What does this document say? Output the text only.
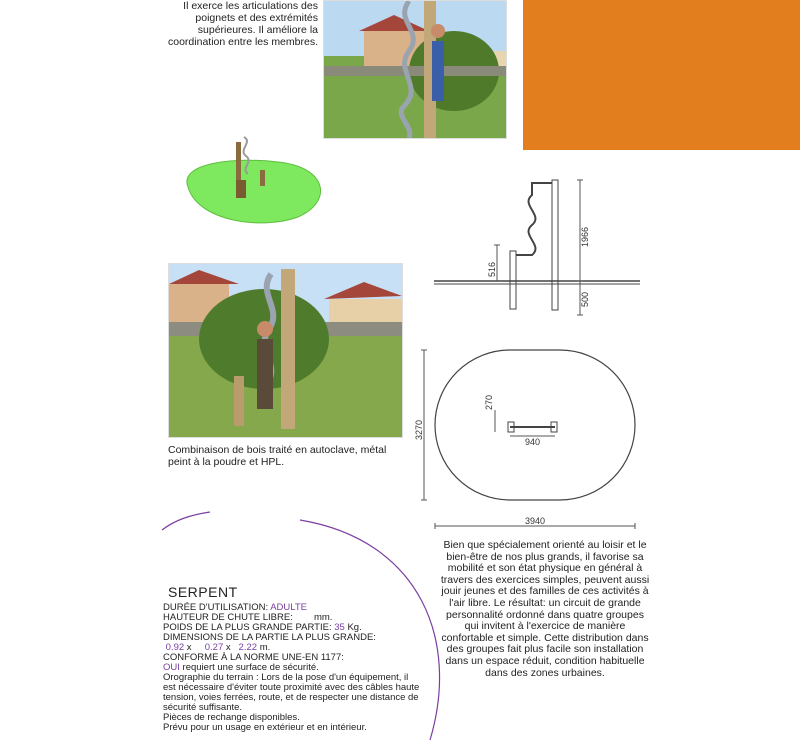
Il exerce les articulations des poignets et des extrémités supérieures. Il améliore la coordination entre les membres.
1966
500
516
Combinaison de bois traité en autoclave, métal peint à la poudre et HPL.
3270
3940
940
270
Bien que spécialement orienté au loisir et le bien-être de nos plus grands, il favorise sa mobilité et son état physique en général à travers des exercices simples, peuvent aussi jouir jeunes et des familles de ces activités à l'air libre. Le résultat: un circuit de grande personnalité ordonné dans quatre groupes qui invitent à l'exercice de manière confortable et simple. Cette distribution dans des groupes fait plus facile son installation dans un espace réduit, condition habituelle dans des zones urbaines.
SERPENT
DURÉE D'UTILISATION: ADULTE
HAUTEUR DE CHUTE LIBRE: mm.
POIDS DE LA PLUS GRANDE PARTIE: 35 Kg.
DIMENSIONS DE LA PARTIE LA PLUS GRANDE:
0.92 x 0.27 x 2.22 m.
CONFORME À LA NORME UNE-EN 1177:
OUI requiert une surface de sécurité.
Orographie du terrain : Lors de la pose d'un équipement, il est nécessaire d'éviter toute proximité avec des câbles haute tension, voies ferrées, route, et de respecter une distance de sécurité suffisante.
Pièces de rechange disponibles.
Prévu pour un usage en extérieur et en intérieur.
